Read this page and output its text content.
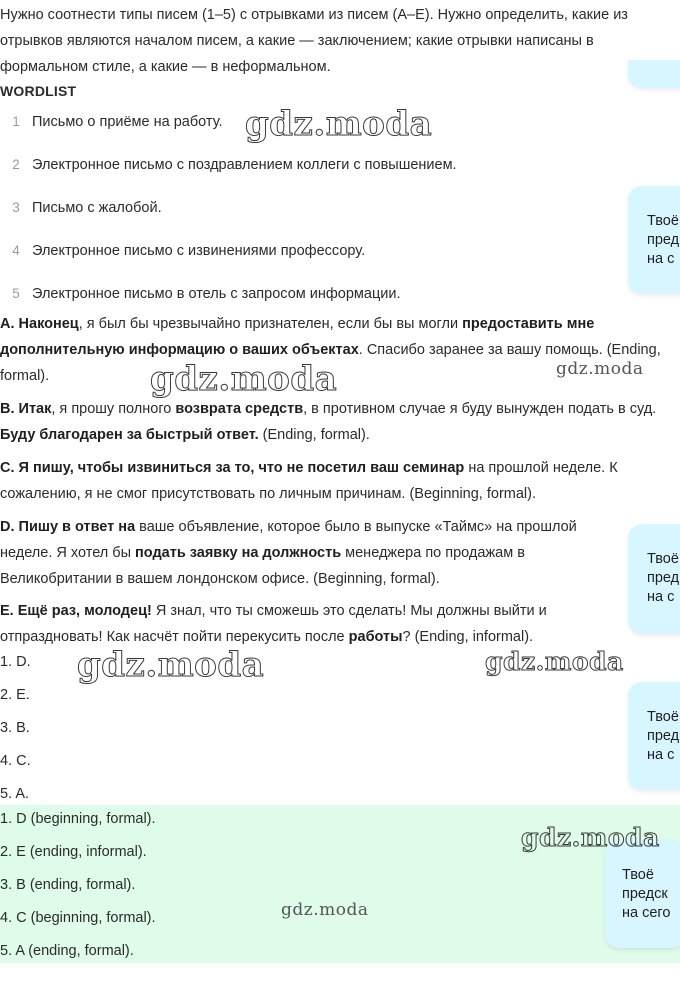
Нужно соотнести типы писем (1–5) с отрывками из писем (A–E). Нужно определить, какие из отрывков являются началом писем, а какие — заключением; какие отрывки написаны в формальном стиле, а какие — в неформальном.

WORDLIST
1 Письмо о приёме на работу.
2 Электронное письмо с поздравлением коллеги с повышением.
3 Письмо с жалобой.
4 Электронное письмо с извинениями профессору.
5 Электронное письмо в отель с запросом информации.

A. Наконец, я был бы чрезвычайно признателен, если бы вы могли предоставить мне дополнительную информацию о ваших объектах. Спасибо заранее за вашу помощь. (Ending, formal).

B. Итак, я прошу полного возврата средств, в противном случае я буду вынужден подать в суд. Буду благодарен за быстрый ответ. (Ending, formal).

C. Я пишу, чтобы извиниться за то, что не посетил ваш семинар на прошлой неделе. К сожалению, я не смог присутствовать по личным причинам. (Beginning, formal).

D. Пишу в ответ на ваше объявление, которое было в выпуске «Таймс» на прошлой неделе. Я хотел бы подать заявку на должность менеджера по продажам в Великобритании в вашем лондонском офисе. (Beginning, formal).

E. Ещё раз, молодец! Я знал, что ты сможешь это сделать! Мы должны выйти и отпраздновать! Как насчёт пойти перекусить после работы? (Ending, informal).

1. D.
2. E.
3. B.
4. C.
5. A.
1. D (beginning, formal).
2. E (ending, informal).
3. B (ending, formal).
4. C (beginning, formal).
5. A (ending, formal).
Твоё
пред
на с
Твоё
пред
на с
Твоё
пред
на с
Твоё
предск
на сего
gdz.moda
gdz.moda	gdz.moda
gdz.moda	gdz.moda
gdz.moda
gdz.moda
